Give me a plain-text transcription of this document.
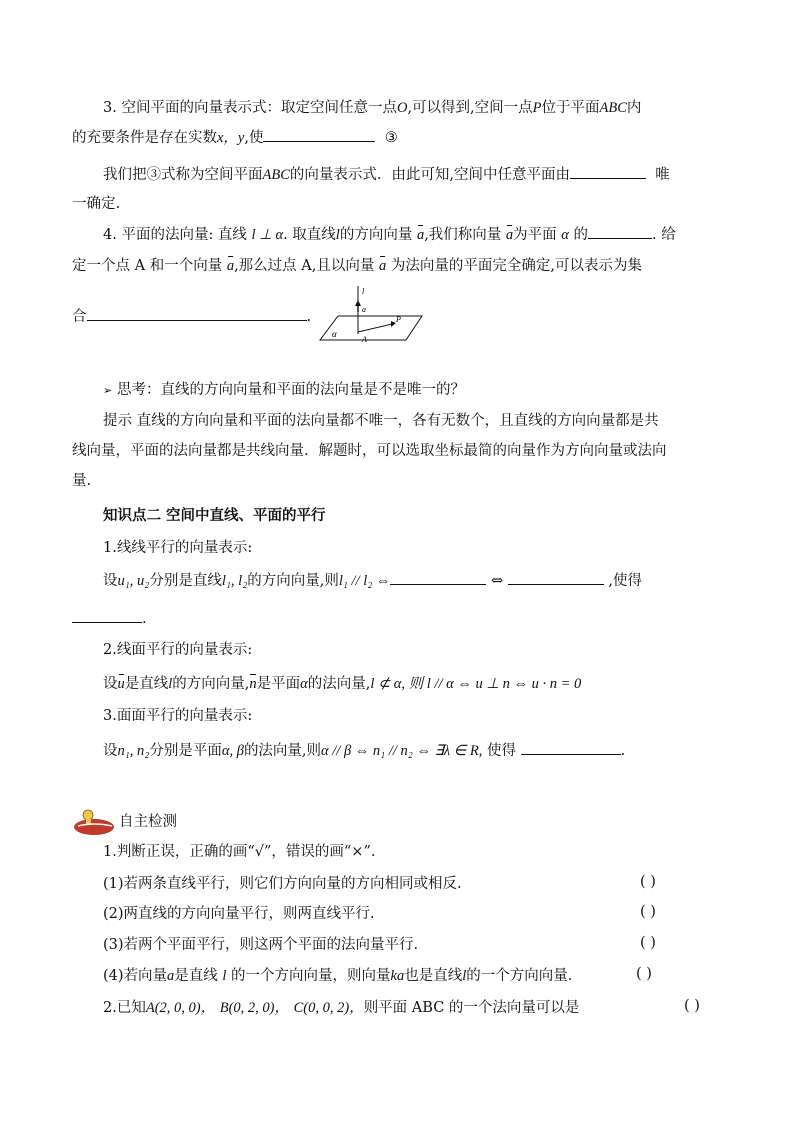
3. 空间平面的向量表示式：取定空间任意一点O,可以得到,空间一点P位于平面ABC内
的充要条件是存在实数x，y,使	③
我们把③式称为空间平面ABC的向量表示式．由此可知,空间中任意平面由	唯
一确定.
4. 平面的法向量: 直线 l ⊥ α. 取直线l的方向向量 a,我们称向量 a为平面 α 的	. 给
定一个点 A 和一个向量 a,那么过点 A,且以向量 a 为法向量的平面完全确定,可以表示为集
合	.
l
a
α
A
P
➢ 思考：直线的方向向量和平面的法向量是不是唯一的？
提示 直线的方向向量和平面的法向量都不唯一，各有无数个，且直线的方向向量都是共
线向量，平面的法向量都是共线向量．解题时，可以选取坐标最简的向量作为方向向量或法向
量.
知识点二 空间中直线、平面的平行
1.线线平行的向量表示:
设u₁, u₂分别是直线l₁, l₂的方向向量,则l₁ // l₂ ⇔	⇔	,使得
.
2.线面平行的向量表示:
设u是直线l的方向向量,n是平面α的法向量,l ⊄ α, 则 l // α ⇔ u ⊥ n ⇔ u · n = 0
3.面面平行的向量表示:
设n₁, n₂分别是平面α, β的法向量,则α // β ⇔ n₁ // n₂ ⇔ ∃λ ∈ R, 使得	.
自主检测
1.判断正误，正确的画“√”，错误的画“×”.
(1)若两条直线平行，则它们方向向量的方向相同或相反.	( )
(2)两直线的方向向量平行，则两直线平行.	( )
(3)若两个平面平行，则这两个平面的法向量平行.	( )
(4)若向量a是直线 l 的一个方向向量，则向量ka也是直线l的一个方向向量.	( )
2.已知A(2, 0, 0)， B(0, 2, 0)， C(0, 0, 2)，则平面 ABC 的一个法向量可以是	( )
